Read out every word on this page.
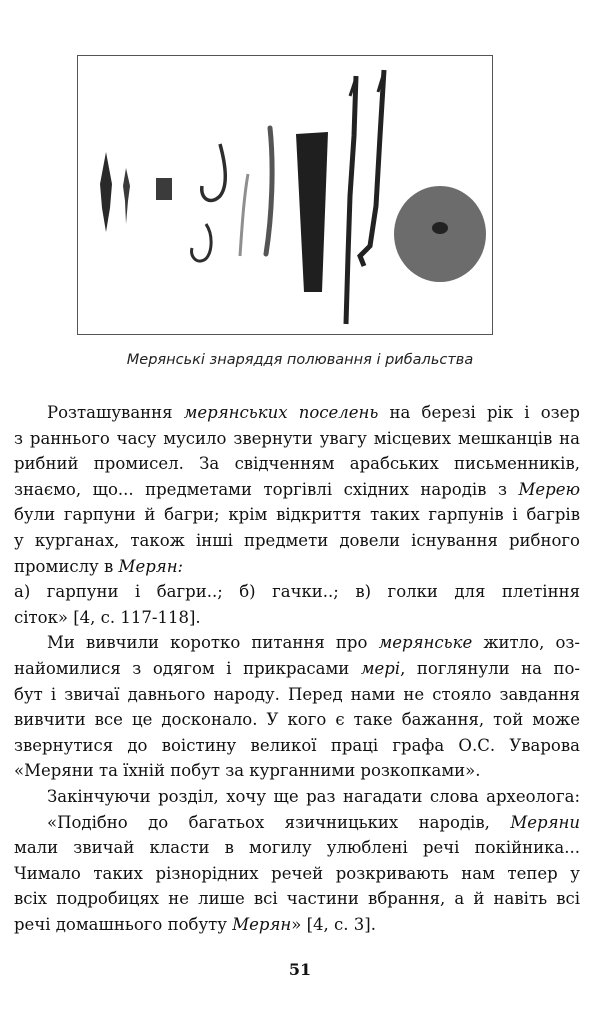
Мерянські знаряддя полювання і рибальства
Розташування мерянських поселень на березі рік і озер
з раннього часу мусило звернути увагу місцевих мешканців на
рибний промисел. За свідченням арабських письменників,
знаємо, що... предметами торгівлі східних народів з Мерею
були гарпуни й багри; крім відкриття таких гарпунів і багрів
у курганах, також інші предмети довели існування рибного
промислу в Мерян:
а) гарпуни і багри..; б) гачки..; в) голки для плетіння
сіток» [4, с. 117-118].
Ми вивчили коротко питання про мерянське житло, оз-
найомилися з одягом і прикрасами мері, поглянули на по-
бут і звичаї давнього народу. Перед нами не стояло завдання
вивчити все це досконало. У кого є таке бажання, той може
звернутися до воістину великої праці графа О.С. Уварова
«Меряни та їхній побут за курганними розкопками».
Закінчуючи розділ, хочу ще раз нагадати слова археолога:
«Подібно до багатьох язичницьких народів, Меряни
мали звичай класти в могилу улюблені речі покійника...
Чимало таких різнорідних речей розкривають нам тепер у
всіх подробицях не лише всі частини вбрання, а й навіть всі
речі домашнього побуту Мерян» [4, с. 3].
51
